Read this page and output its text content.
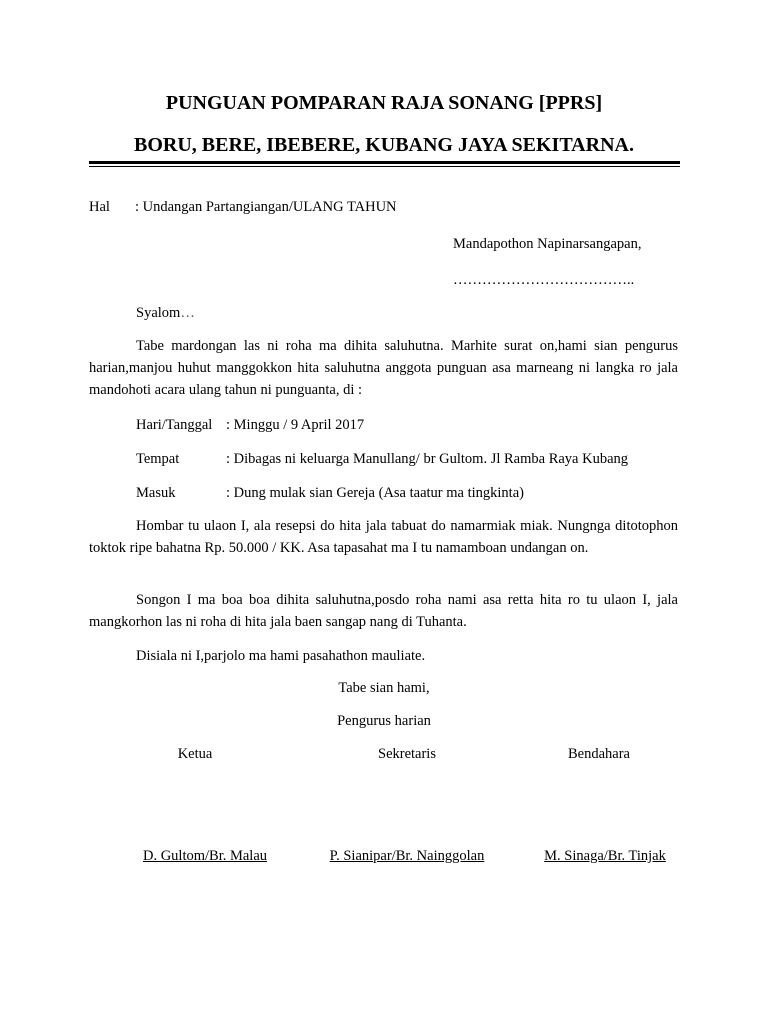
PUNGUAN POMPARAN RAJA SONANG [PPRS]
BORU, BERE, IBEBERE, KUBANG JAYA SEKITARNA.
Hal : Undangan Partangiangan/ULANG TAHUN
Mandapothon Napinarsangapan,
………………………………..
Syalom…
Tabe mardongan las ni roha ma dihita saluhutna. Marhite surat on,hami sian pengurus harian,manjou huhut manggokkon hita saluhutna anggota punguan asa marneang ni langka ro jala mandohoti acara ulang tahun ni punguanta, di :
Hari/Tanggal : Minggu / 9 April 2017
Tempat	: Dibagas ni keluarga Manullang/ br Gultom. Jl Ramba Raya Kubang
Masuk	: Dung mulak sian Gereja (Asa taatur ma tingkinta)
Hombar tu ulaon I, ala resepsi do hita jala tabuat do namarmiak miak. Nungnga ditotophon toktok ripe bahatna Rp. 50.000 / KK. Asa tapasahat ma I tu namamboan undangan on.
Songon I ma boa boa dihita saluhutna,posdo roha nami asa retta hita ro tu ulaon I, jala mangkorhon las ni roha di hita jala baen sangap nang di Tuhanta.
Disiala ni I,parjolo ma hami pasahathon mauliate.
Tabe sian hami,
Pengurus harian
Ketua	Sekretaris	Bendahara
D. Gultom/Br. Malau	P. Sianipar/Br. Nainggolan	M. Sinaga/Br. Tinjak
